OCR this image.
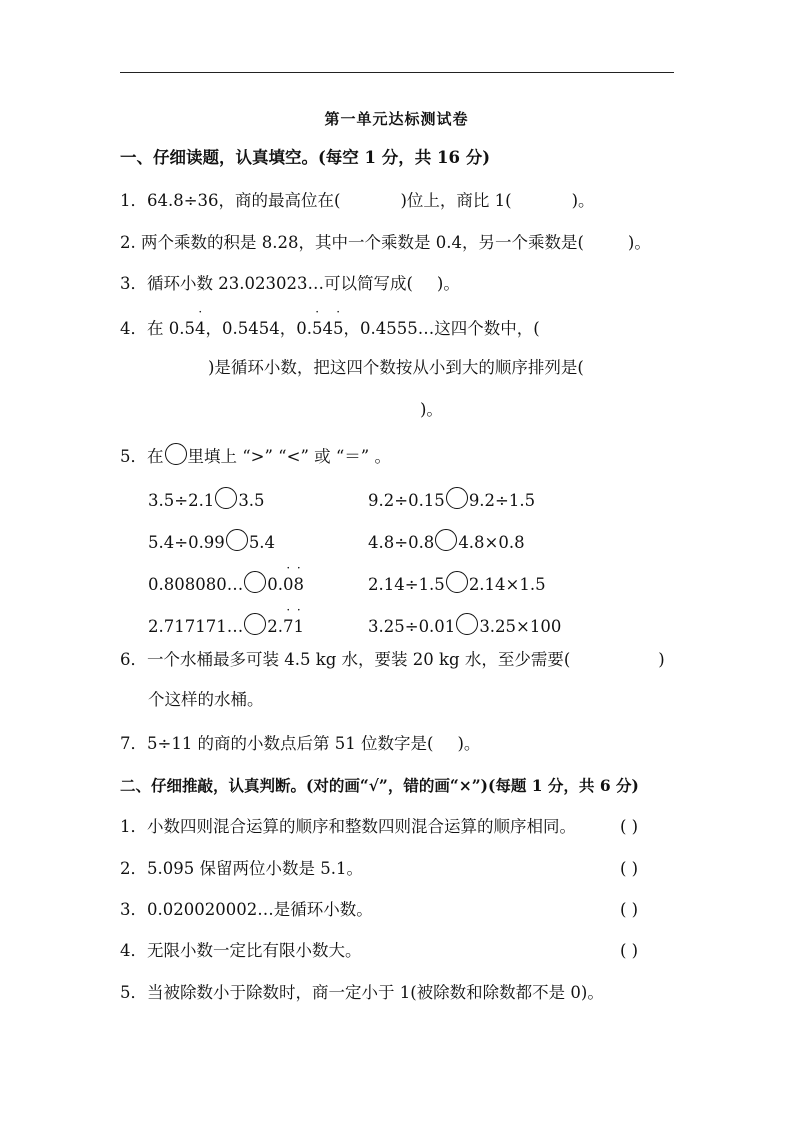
第一单元达标测试卷
一、仔细读题，认真填空。(每空 1 分，共 16 分)
1．64.8÷36，商的最高位在(	)位上，商比 1(	)。
2. 两个乘数的积是 8.28，其中一个乘数是 0.4，另一个乘数是(	)。
3．循环小数 23.023023…可以简写成( )。
4．在 0.5· 4，0.5454，0.· 54· 5，0.4555…这四个数中，(
)是循环小数，把这四个数按从小到大的顺序排列是(
)。
5．在 里填上 “>” “<” 或 “＝” 。
3.5÷2.1 3.5	9.2÷0.15 9.2÷1.5
5.4÷0.99 5.4	4.8÷0.8 4.8×0.8
0.808080… 0.· 0· 8	2.14÷1.5 2.14×1.5
2.717171… 2.· 7· 1	3.25÷0.01 3.25×100
6．一个水桶最多可装 4.5 kg 水，要装 20 kg 水，至少需要(	)
个这样的水桶。
7．5÷11 的商的小数点后第 51 位数字是( )。
二、仔细推敲，认真判断。(对的画“√”，错的画“×”)(每题 1 分，共 6 分)
1．小数四则混合运算的顺序和整数四则混合运算的顺序相同。	( )
2．5.095 保留两位小数是 5.1。	( )
3．0.020020002…是循环小数。	( )
4．无限小数一定比有限小数大。	( )
5．当被除数小于除数时，商一定小于 1(被除数和除数都不是 0)。
